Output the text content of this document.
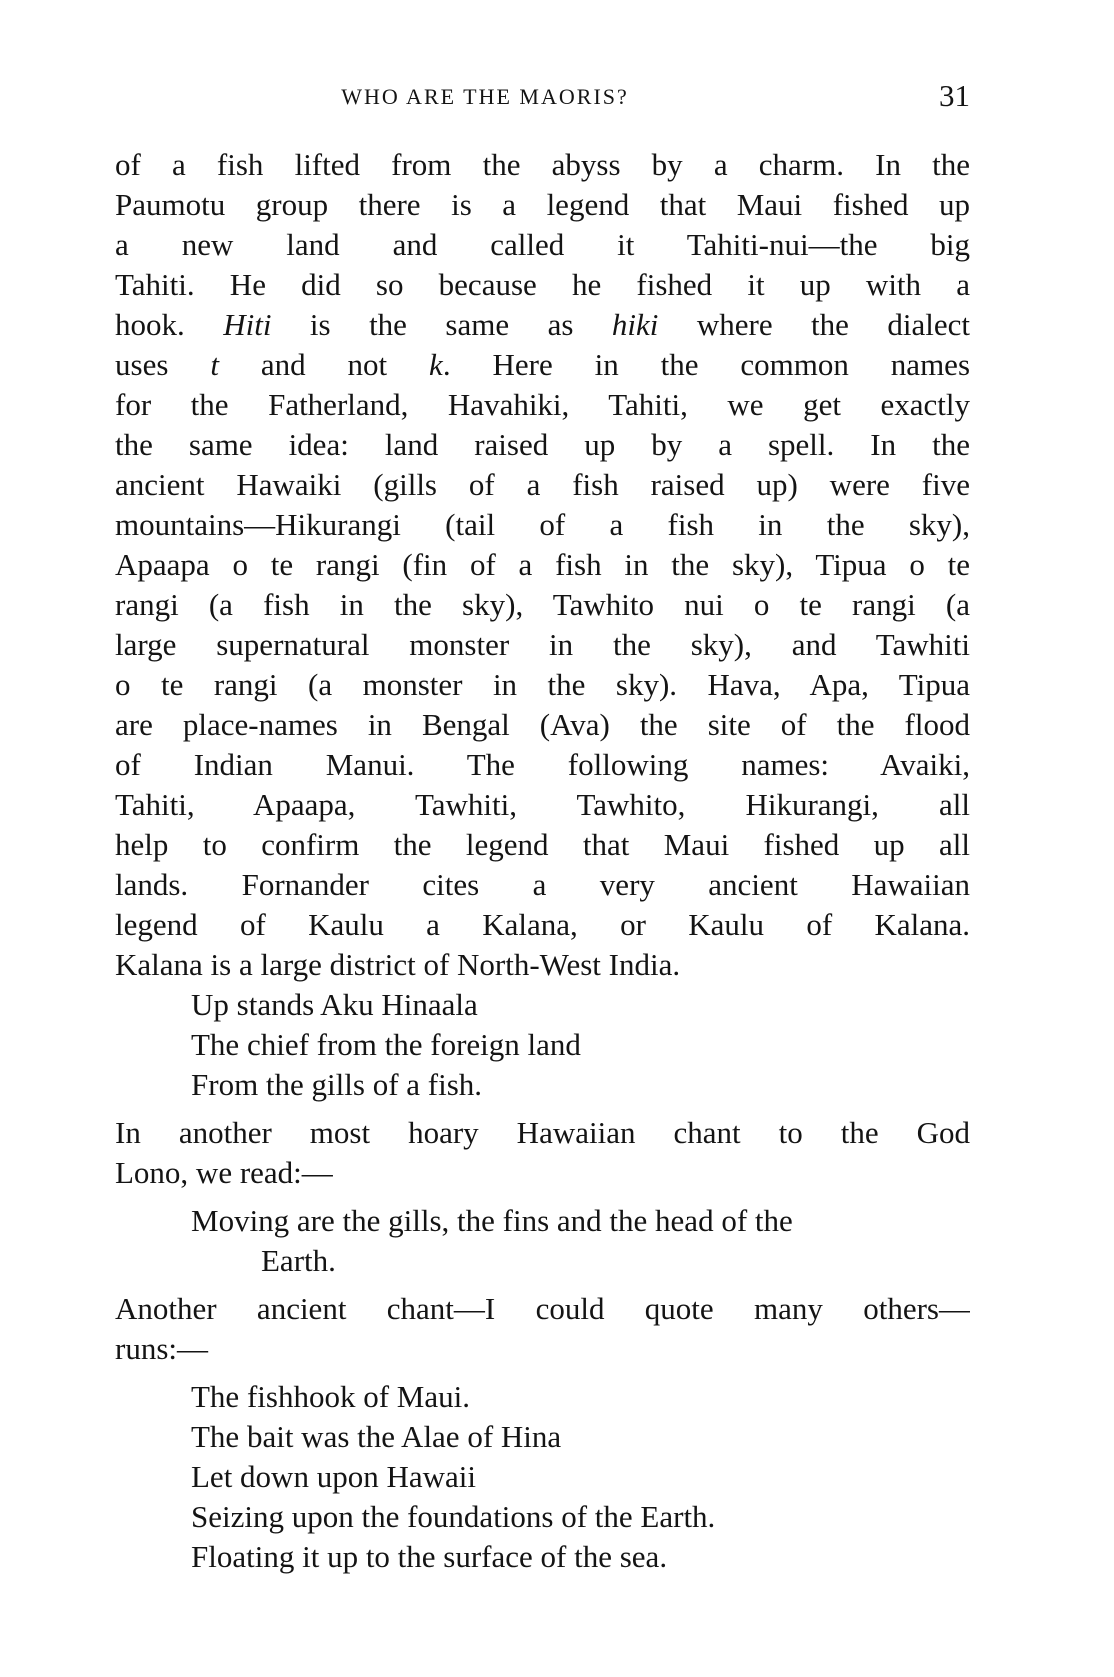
WHO ARE THE MAORIS?	31
of a fish lifted from the abyss by a charm. In the
Paumotu group there is a legend that Maui fished up
a new land and called it Tahiti-nui—the big
Tahiti. He did so because he fished it up with a
hook. Hiti is the same as hiki where the dialect
uses t and not k. Here in the common names
for the Fatherland, Havahiki, Tahiti, we get exactly
the same idea: land raised up by a spell. In the
ancient Hawaiki (gills of a fish raised up) were five
mountains—Hikurangi (tail of a fish in the sky),
Apaapa o te rangi (fin of a fish in the sky), Tipua o te
rangi (a fish in the sky), Tawhito nui o te rangi (a
large supernatural monster in the sky), and Tawhiti
o te rangi (a monster in the sky). Hava, Apa, Tipua
are place-names in Bengal (Ava) the site of the flood
of Indian Manui. The following names: Avaiki,
Tahiti, Apaapa, Tawhiti, Tawhito, Hikurangi, all
help to confirm the legend that Maui fished up all
lands. Fornander cites a very ancient Hawaiian
legend of Kaulu a Kalana, or Kaulu of Kalana.
Kalana is a large district of North-West India.
Up stands Aku Hinaala
The chief from the foreign land
From the gills of a fish.
In another most hoary Hawaiian chant to the God
Lono, we read:—
Moving are the gills, the fins and the head of the
Earth.
Another ancient chant—I could quote many others—
runs:—
The fishhook of Maui.
The bait was the Alae of Hina
Let down upon Hawaii
Seizing upon the foundations of the Earth.
Floating it up to the surface of the sea.
